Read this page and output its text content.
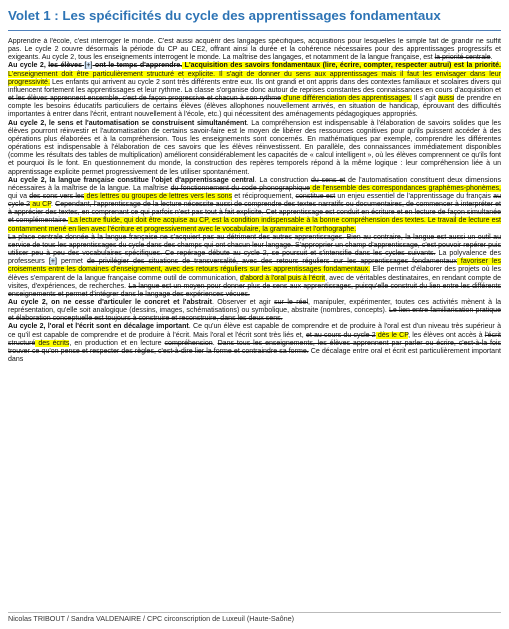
Volet 1 : Les spécificités du cycle des apprentissages fondamentaux

Apprendre à l'école, c'est interroger le monde. C'est aussi acquérir des langages spécifiques, acquisitions pour lesquelles le simple fait de grandir ne suffit pas. Le cycle 2 couvre désormais la période du CP au CE2, offrant ainsi la durée et la cohérence nécessaires pour des apprentissages progressifs et exigeants. Au cycle 2, tous les enseignements interrogent le monde. La maîtrise des langages, et notamment de la langue française, est la priorité centrale.

Au cycle 2, les élèves [+] ont le temps d'apprendre. L'acquisition des savoirs fondamentaux (lire, écrire, compter, respecter autrui) est la priorité. L'enseignement doit être particulièrement structuré et explicite. Il s'agit de donner du sens aux apprentissages mais il faut les envisager dans leur progressivité. Les enfants qui arrivent au cycle 2 sont très différents entre eux. Ils ont grandi et ont appris dans des contextes familiaux et scolaires divers qui influencent fortement les apprentissages et leur rythme. La classe s'organise donc autour de reprises constantes des connaissances en cours d'acquisition et et les élèves apprennent ensemble, c'est de façon progressive et chacun à son rythme d'une différenciation des apprentissages. Il s'agit aussi de prendre en compte les besoins éducatifs particuliers de certains élèves (élèves allophones nouvellement arrivés, en situation de handicap, éprouvant des difficultés importantes à entrer dans l'écrit, entrant nouvellement à l'école, etc.) qui nécessitent des aménagements pédagogiques appropriés.

Au cycle 2, le sens et l'automatisation se construisent simultanément. La compréhension est indispensable à l'élaboration de savoirs solides que les élèves pourront réinvestir et l'automatisation de certains savoir-faire est le moyen de libérer des ressources cognitives pour qu'ils puissent accéder à des opérations plus élaborées et à la compréhension. Tous les enseignements sont concernés. En mathématiques par exemple, comprendre les différentes opérations est indispensable à l'élaboration de ces savoirs que les élèves réinvestissent. En parallèle, des connaissances immédiatement disponibles (comme les résultats des tables de multiplication) améliorent considérablement les capacités de « calcul intelligent », où les élèves comprennent ce qu'ils font et pourquoi ils le font. En questionnement du monde, la construction des repères temporels répond à la même logique : leur compréhension liée à un apprentissage explicite permet progressivement de les utiliser spontanément.

Au cycle 2, la langue française constitue l'objet d'apprentissage central. La construction du sens et de l'automatisation constituent deux dimensions nécessaires à la maîtrise de la langue. La maîtrise du fonctionnement du code phonographique de l'ensemble des correspondances graphèmes-phonèmes, qui va des sons vers les des lettres ou groupes de lettres vers les sons et réciproquement, constitue est un enjeu essentiel de l'apprentissage du français au cycle 2 au CP. Cependant, l'apprentissage de la lecture nécessite aussi de comprendre des textes narratifs ou documentaires, de commencer à interpréter et à apprécier des textes, en comprenant ce qui parfois n'est pas tout à fait explicite. Cet apprentissage est conduit en écriture et en lecture de façon simultanée et complémentaire. La lecture fluide, qui doit être acquise au CP, est la condition indispensable à la bonne compréhension des textes. Le travail de lecture est contamment mené en lien avec l'écriture et progressivement avec le vocabulaire, la grammaire et l'orthographe.

La place centrale donnée à la langue française ne s'acquiert pas au détriment des autres apprentissages. Bien au contraire, la langue est aussi un outil au service de tous les apprentissages du cycle dans des champs qui ont chacun leur langage. S'approprier un champ d'apprentissage, c'est pouvoir repérer puis utiliser peu à peu des vocabulaires spécifiques. Ce repérage débute au cycle 2, se poursuit et s'intensifie dans les cycles suivants. La polyvalence des professeurs [+] permet de privilégier des situations de transversalité, avec des retours réguliers sur les apprentissages fondamentaux favoriser les croisements entre les domaines d'enseignement, avec des retours réguliers sur les apprentissages fondamentaux. Elle permet d'élaborer des projets où les élèves s'emparent de la langue française comme outil de communication, d'abord à l'oral puis à l'écrit, avec de véritables destinataires, en rendant compte de visites, d'expériences, de recherches. La langue est un moyen pour donner plus de sens aux apprentissages, puisqu'elle construit du lien entre les différents enseignements et permet d'intégrer dans le langage des expériences vécues.

Au cycle 2, on ne cesse d'articuler le concret et l'abstrait. Observer et agir sur le réel, manipuler, expérimenter, toutes ces activités mènent à la représentation, qu'elle soit analogique (dessins, images, schématisations) ou symbolique, abstraite (nombres, concepts). Le lien entre familiarisation pratique et élaboration conceptuelle est toujours à construire et reconstruire, dans les deux sens.

Au cycle 2, l'oral et l'écrit sont en décalage important. Ce qu'un élève est capable de comprendre et de produire à l'oral est d'un niveau très supérieur à ce qu'il est capable de comprendre et de produire à l'écrit. Mais l'oral et l'écrit sont très liés et, et au cours du cycle 2 dès le CP, les élèves ont accès à l'écrit structuré des écrits, en production et en lecture compréhension. Dans tous les enseignements, les élèves apprennent par parler ou écrire, c'est-à-la fois trouver ce qu'on pense et respecter des règles, c'est-à-dire lier la forme et contraindre sa forme. Ce décalage entre oral et écrit est particulièrement important dans

Nicolas TRIBOUT / Sandra VALDENAIRE / CPC circonscription de Luxeuil (Haute-Saône)
